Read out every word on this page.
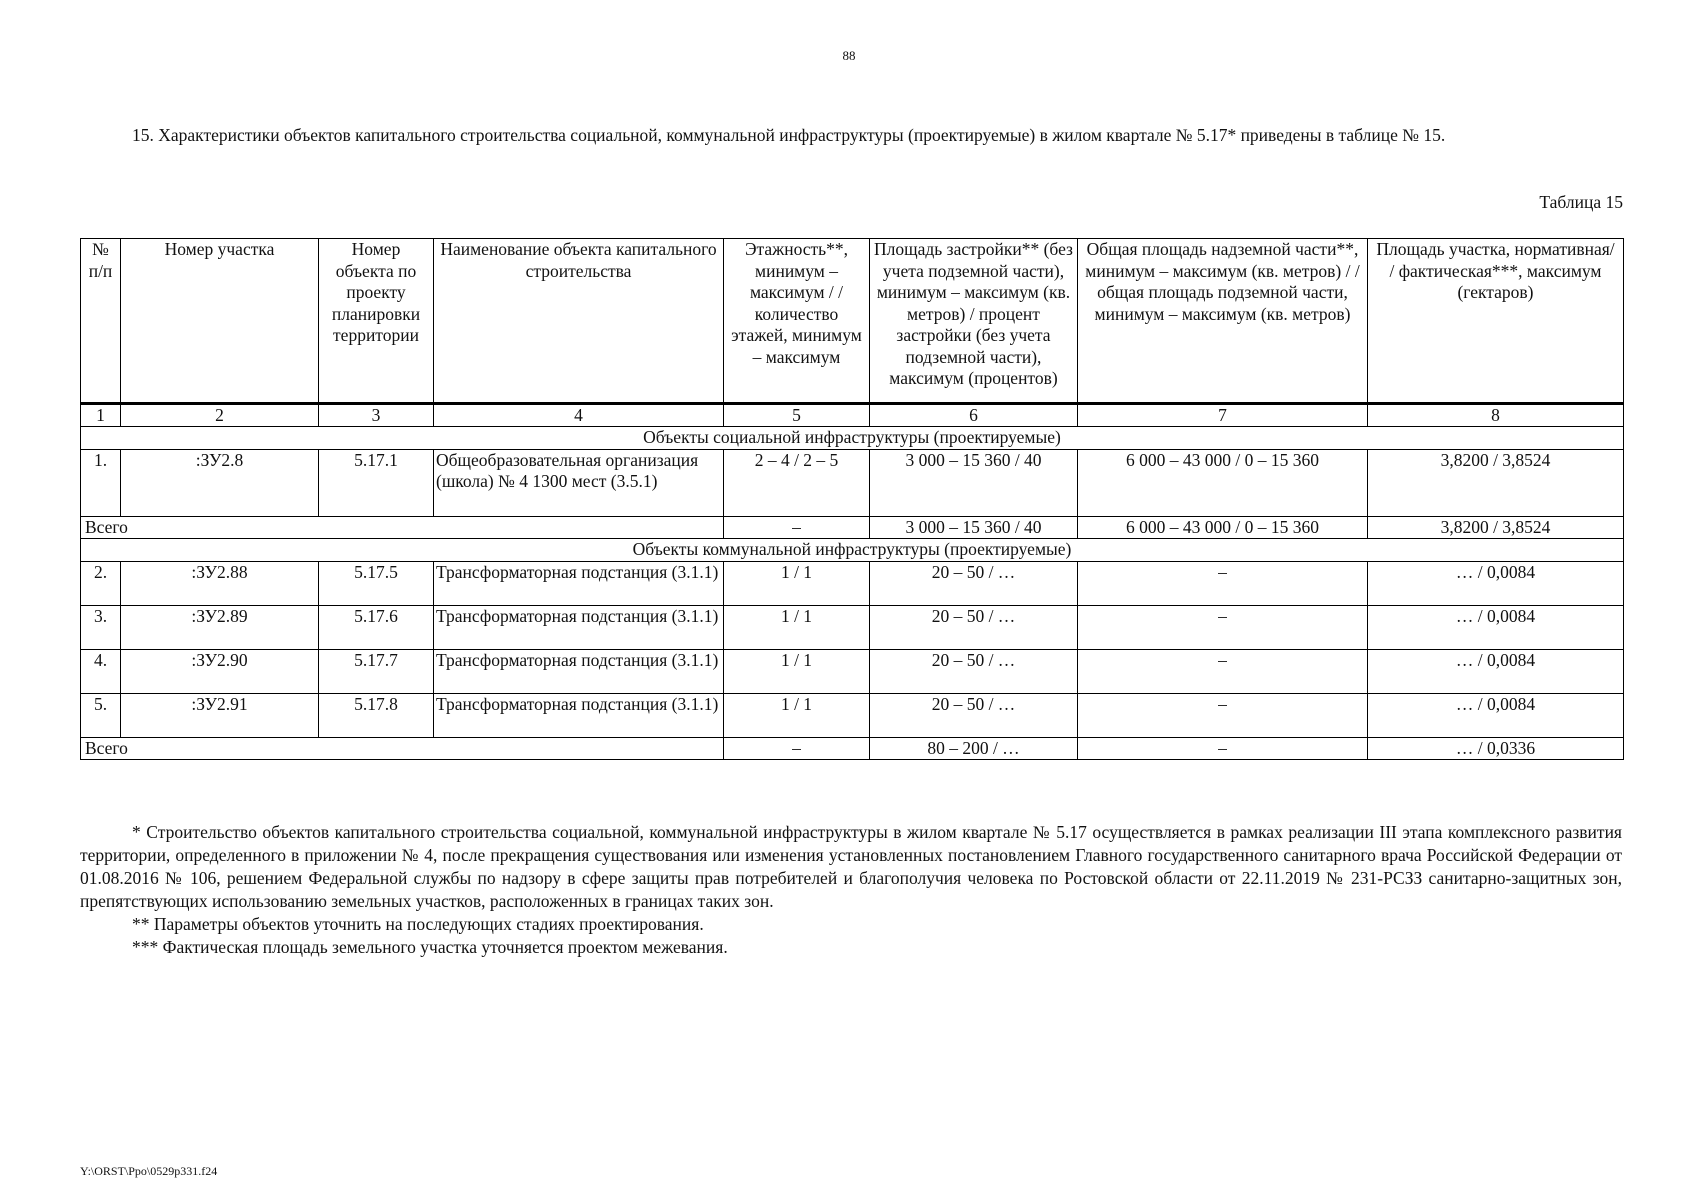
88
15. Характеристики объектов капитального строительства социальной, коммунальной инфраструктуры (проектируемые) в жилом квартале № 5.17* приведены в таблице № 15.
Таблица 15
№ п/п	Номер участка	Номер объекта по проекту планировки территории	Наименование объекта капитального строительства	Этажность**, минимум – максимум / / количество этажей, минимум – максимум	Площадь застройки** (без учета подземной части), минимум – максимум (кв. метров) / процент застройки (без учета подземной части), максимум (процентов)	Общая площадь надземной части**, минимум – максимум (кв. метров) / / общая площадь подземной части, минимум – максимум (кв. метров)	Площадь участка, нормативная/ / фактическая***, максимум (гектаров)
1	2	3	4	5	6	7	8
Объекты социальной инфраструктуры (проектируемые)							
1.	:ЗУ2.8	5.17.1	Общеобразовательная организация (школа) № 4 1300 мест (3.5.1)	2 – 4 / 2 – 5	3 000 – 15 360 / 40	6 000 – 43 000 / 0 – 15 360	3,8200 / 3,8524
Всего				–	3 000 – 15 360 / 40	6 000 – 43 000 / 0 – 15 360	3,8200 / 3,8524
Объекты коммунальной инфраструктуры (проектируемые)							
2.	:ЗУ2.88	5.17.5	Трансформаторная подстанция (3.1.1)	1 / 1	20 – 50 / …	–	… / 0,0084
3.	:ЗУ2.89	5.17.6	Трансформаторная подстанция (3.1.1)	1 / 1	20 – 50 / …	–	… / 0,0084
4.	:ЗУ2.90	5.17.7	Трансформаторная подстанция (3.1.1)	1 / 1	20 – 50 / …	–	… / 0,0084
5.	:ЗУ2.91	5.17.8	Трансформаторная подстанция (3.1.1)	1 / 1	20 – 50 / …	–	… / 0,0084
Всего				–	80 – 200 / …	–	… / 0,0336

* Строительство объектов капитального строительства социальной, коммунальной инфраструктуры в жилом квартале № 5.17 осуществляется в рамках реализации III этапа комплексного развития территории, определенного в приложении № 4, после прекращения существования или изменения установленных постановлением Главного государственного санитарного врача Российской Федерации от 01.08.2016 № 106, решением Федеральной службы по надзору в сфере защиты прав потребителей и благополучия человека по Ростовской области от 22.11.2019 № 231-РСЗЗ санитарно-защитных зон, препятствующих использованию земельных участков, расположенных в границах таких зон.

** Параметры объектов уточнить на последующих стадиях проектирования.

*** Фактическая площадь земельного участка уточняется проектом межевания.

Y:\ORST\Ppo\0529p331.f24
